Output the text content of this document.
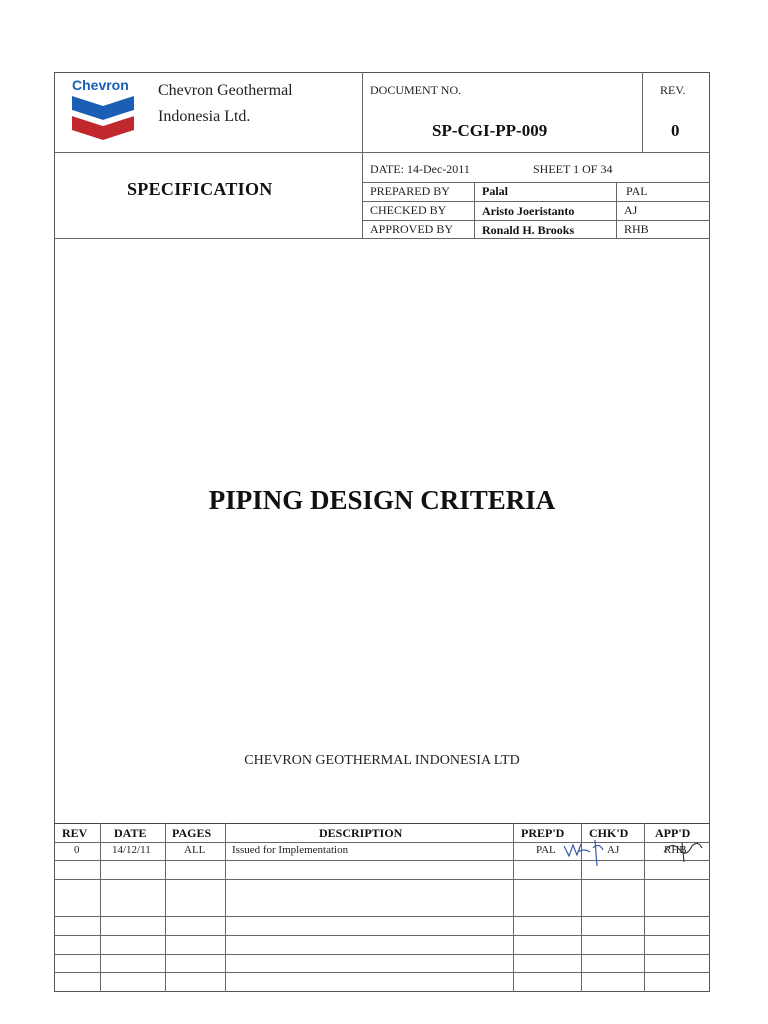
Chevron Chevron Geothermal
Indonesia Ltd.
DOCUMENT NO.
SP-CGI-PP-009
REV.
0
SPECIFICATION
DATE: 14-Dec-2011	SHEET 1 OF 34
PREPARED BY	Palal	PAL
CHECKED BY	Aristo Joeristanto	AJ
APPROVED BY Ronald H. Brooks	RHB
PIPING DESIGN CRITERIA
CHEVRON GEOTHERMAL INDONESIA LTD
REV DATE PAGES	DESCRIPTION	PREP'D CHK'D APP'D
0	14/12/11	ALL Issued for Implementation	PAL	AJ	RHB
